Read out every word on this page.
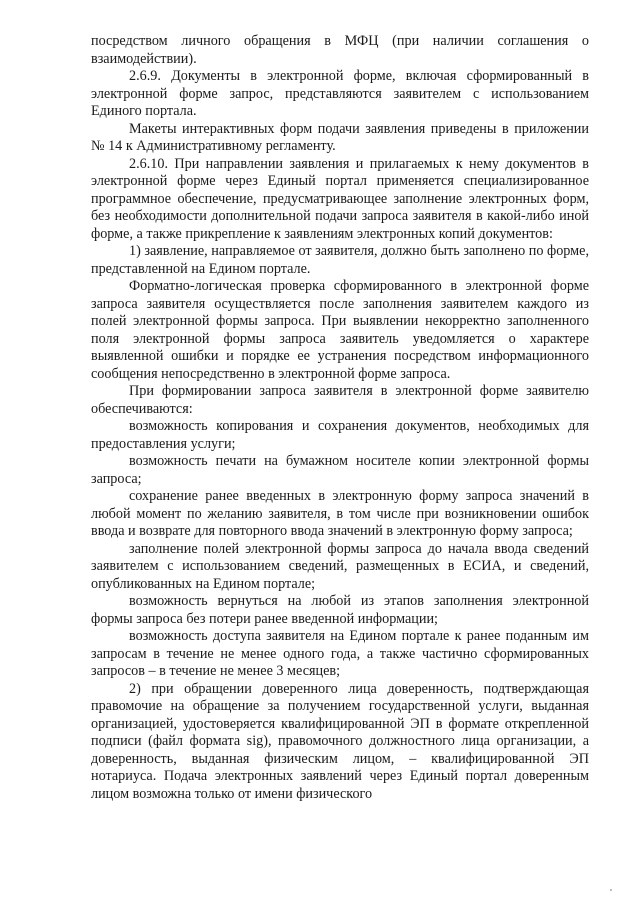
посредством личного обращения в МФЦ (при наличии соглашения о взаимодействии).

2.6.9. Документы в электронной форме, включая сформированный в электронной форме запрос, представляются заявителем с использованием Единого портала.

Макеты интерактивных форм подачи заявления приведены в приложении № 14 к Административному регламенту.

2.6.10. При направлении заявления и прилагаемых к нему документов в электронной форме через Единый портал применяется специализированное программное обеспечение, предусматривающее заполнение электронных форм, без необходимости дополнительной подачи запроса заявителя в какой-либо иной форме, а также прикрепление к заявлениям электронных копий документов:

1) заявление, направляемое от заявителя, должно быть заполнено по форме, представленной на Едином портале.

Форматно-логическая проверка сформированного в электронной форме запроса заявителя осуществляется после заполнения заявителем каждого из полей электронной формы запроса. При выявлении некорректно заполненного поля электронной формы запроса заявитель уведомляется о характере выявленной ошибки и порядке ее устранения посредством информационного сообщения непосредственно в электронной форме запроса.

При формировании запроса заявителя в электронной форме заявителю обеспечиваются:

возможность копирования и сохранения документов, необходимых для предоставления услуги;

возможность печати на бумажном носителе копии электронной формы запроса;

сохранение ранее введенных в электронную форму запроса значений в любой момент по желанию заявителя, в том числе при возникновении ошибок ввода и возврате для повторного ввода значений в электронную форму запроса;

заполнение полей электронной формы запроса до начала ввода сведений заявителем с использованием сведений, размещенных в ЕСИА, и сведений, опубликованных на Едином портале;

возможность вернуться на любой из этапов заполнения электронной формы запроса без потери ранее введенной информации;

возможность доступа заявителя на Едином портале к ранее поданным им запросам в течение не менее одного года, а также частично сформированных запросов – в течение не менее 3 месяцев;

2) при обращении доверенного лица доверенность, подтверждающая правомочие на обращение за получением государственной услуги, выданная организацией, удостоверяется квалифицированной ЭП в формате открепленной подписи (файл формата sig), правомочного должностного лица организации, а доверенность, выданная физическим лицом, – квалифицированной ЭП нотариуса. Подача электронных заявлений через Единый портал доверенным лицом возможна только от имени физического
